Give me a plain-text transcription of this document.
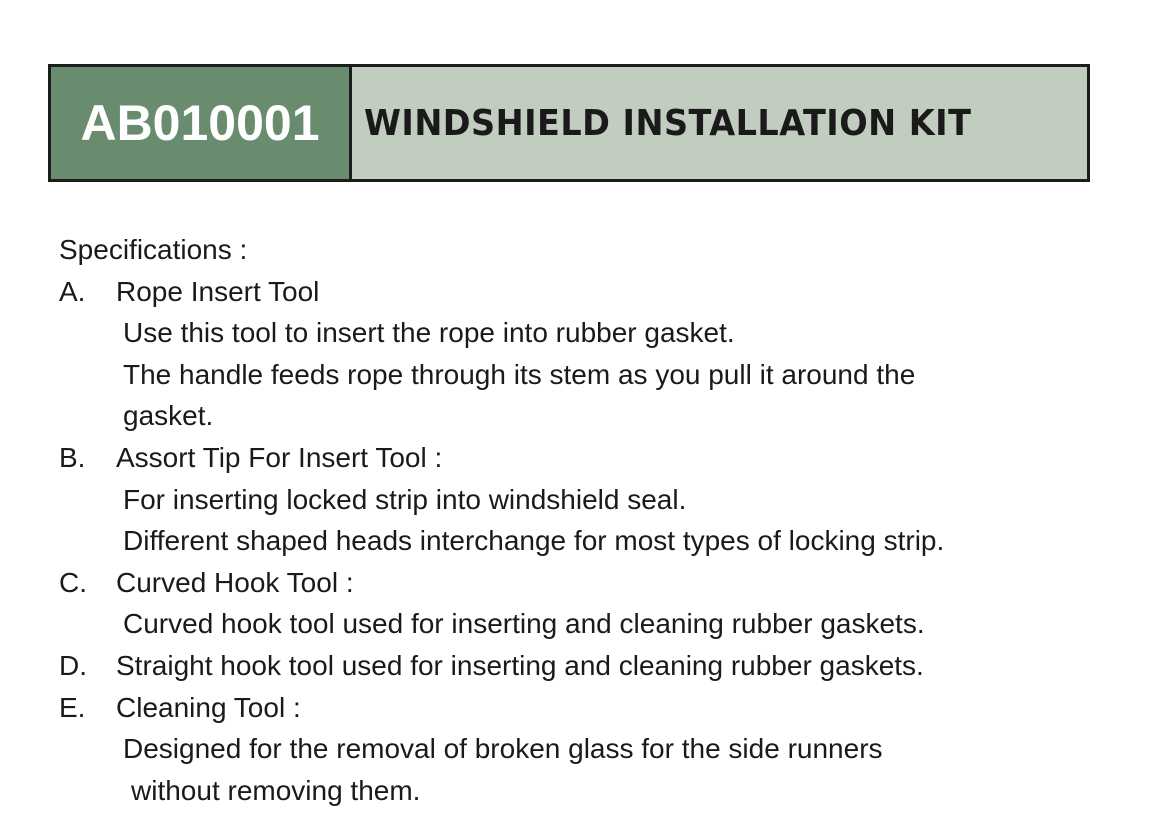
AB010001 WINDSHIELD INSTALLATION KIT
Specifications :
A. Rope Insert Tool
Use this tool to insert the rope into rubber gasket.
The handle feeds rope through its stem as you pull it around the
gasket.
B. Assort Tip For Insert Tool :
For inserting locked strip into windshield seal.
Different shaped heads interchange for most types of locking strip.
C. Curved Hook Tool :
Curved hook tool used for inserting and cleaning rubber gaskets.
D. Straight hook tool used for inserting and cleaning rubber gaskets.
E. Cleaning Tool :
Designed for the removal of broken glass for the side runners
without removing them.
